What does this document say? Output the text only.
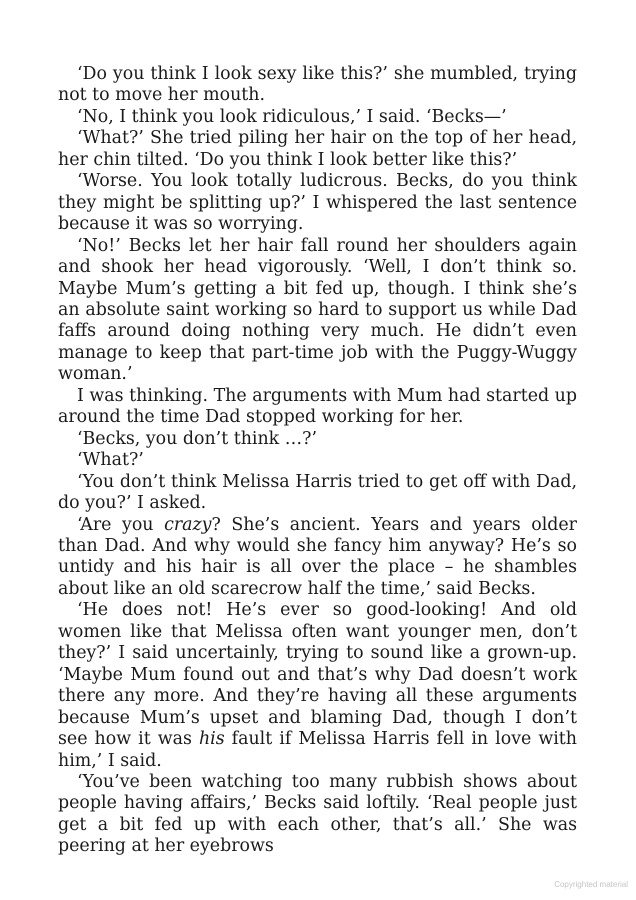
‘Do you think I look sexy like this?’ she mumbled, trying not to move her mouth.

‘No, I think you look ridiculous,’ I said. ‘Becks—’

‘What?’ She tried piling her hair on the top of her head, her chin tilted. ‘Do you think I look better like this?’

‘Worse. You look totally ludicrous. Becks, do you think they might be splitting up?’ I whispered the last sentence because it was so worrying.

‘No!’ Becks let her hair fall round her shoulders again and shook her head vigorously. ‘Well, I don’t think so. Maybe Mum’s getting a bit fed up, though. I think she’s an absolute saint working so hard to support us while Dad faffs around doing nothing very much. He didn’t even manage to keep that part-time job with the Puggy-Wuggy woman.’

I was thinking. The arguments with Mum had started up around the time Dad stopped working for her.

‘Becks, you don’t think …?’

‘What?’

‘You don’t think Melissa Harris tried to get off with Dad, do you?’ I asked.

‘Are you crazy? She’s ancient. Years and years older than Dad. And why would she fancy him anyway? He’s so untidy and his hair is all over the place – he shambles about like an old scarecrow half the time,’ said Becks.

‘He does not! He’s ever so good-looking! And old women like that Melissa often want younger men, don’t they?’ I said uncertainly, trying to sound like a grown-up. ‘Maybe Mum found out and that’s why Dad doesn’t work there any more. And they’re having all these arguments because Mum’s upset and blaming Dad, though I don’t see how it was his fault if Melissa Harris fell in love with him,’ I said.

‘You’ve been watching too many rubbish shows about people having affairs,’ Becks said loftily. ‘Real people just get a bit fed up with each other, that’s all.’ She was peering at her eyebrows

Copyrighted material
